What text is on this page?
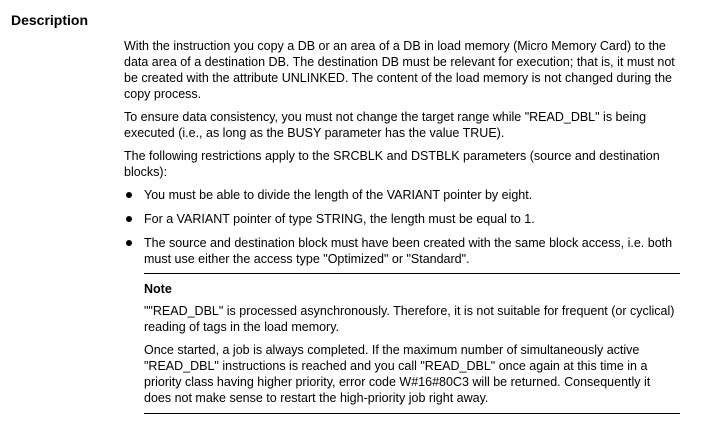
Description

With the instruction you copy a DB or an area of a DB in load memory (Micro Memory Card) to the data area of a destination DB. The destination DB must be relevant for execution; that is, it must not be created with the attribute UNLINKED. The content of the load memory is not changed during the copy process.

To ensure data consistency, you must not change the target range while "READ_DBL" is being executed (i.e., as long as the BUSY parameter has the value TRUE).

The following restrictions apply to the SRCBLK and DSTBLK parameters (source and destination blocks):

You must be able to divide the length of the VARIANT pointer by eight.
For a VARIANT pointer of type STRING, the length must be equal to 1.
The source and destination block must have been created with the same block access, i.e. both must use either the access type "Optimized" or "Standard".
Note

""READ_DBL" is processed asynchronously. Therefore, it is not suitable for frequent (or cyclical) reading of tags in the load memory.

Once started, a job is always completed. If the maximum number of simultaneously active "READ_DBL" instructions is reached and you call "READ_DBL" once again at this time in a priority class having higher priority, error code W#16#80C3 will be returned. Consequently it does not make sense to restart the high-priority job right away.
